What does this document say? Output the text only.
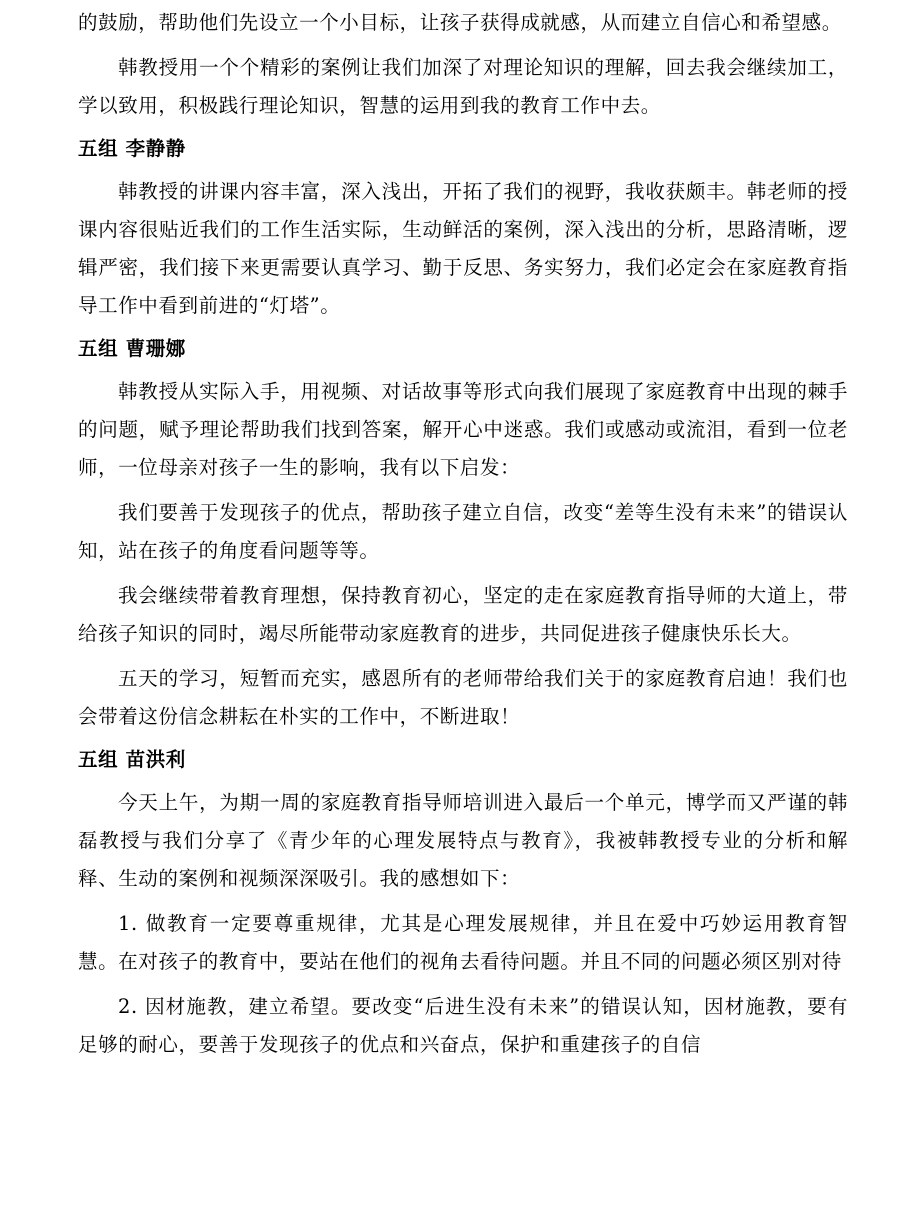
的鼓励，帮助他们先设立一个小目标，让孩子获得成就感，从而建立自信心和希望感。

韩教授用一个个精彩的案例让我们加深了对理论知识的理解，回去我会继续加工，学以致用，积极践行理论知识，智慧的运用到我的教育工作中去。

五组 李静静

韩教授的讲课内容丰富，深入浅出，开拓了我们的视野，我收获颇丰。韩老师的授课内容很贴近我们的工作生活实际，生动鲜活的案例，深入浅出的分析，思路清晰，逻辑严密，我们接下来更需要认真学习、勤于反思、务实努力，我们必定会在家庭教育指导工作中看到前进的“灯塔”。

五组 曹珊娜

韩教授从实际入手，用视频、对话故事等形式向我们展现了家庭教育中出现的棘手的问题，赋予理论帮助我们找到答案，解开心中迷惑。我们或感动或流泪，看到一位老师，一位母亲对孩子一生的影响，我有以下启发：

我们要善于发现孩子的优点，帮助孩子建立自信，改变“差等生没有未来”的错误认知，站在孩子的角度看问题等等。

我会继续带着教育理想，保持教育初心，坚定的走在家庭教育指导师的大道上，带给孩子知识的同时，竭尽所能带动家庭教育的进步，共同促进孩子健康快乐长大。

五天的学习，短暂而充实，感恩所有的老师带给我们关于的家庭教育启迪！我们也会带着这份信念耕耘在朴实的工作中，不断进取！

五组 苗洪利

今天上午，为期一周的家庭教育指导师培训进入最后一个单元，博学而又严谨的韩磊教授与我们分享了《青少年的心理发展特点与教育》，我被韩教授专业的分析和解释、生动的案例和视频深深吸引。我的感想如下：

1. 做教育一定要尊重规律，尤其是心理发展规律，并且在爱中巧妙运用教育智慧。在对孩子的教育中，要站在他们的视角去看待问题。并且不同的问题必须区别对待

2. 因材施教，建立希望。要改变“后进生没有未来”的错误认知，因材施教，要有足够的耐心，要善于发现孩子的优点和兴奋点，保护和重建孩子的自信
